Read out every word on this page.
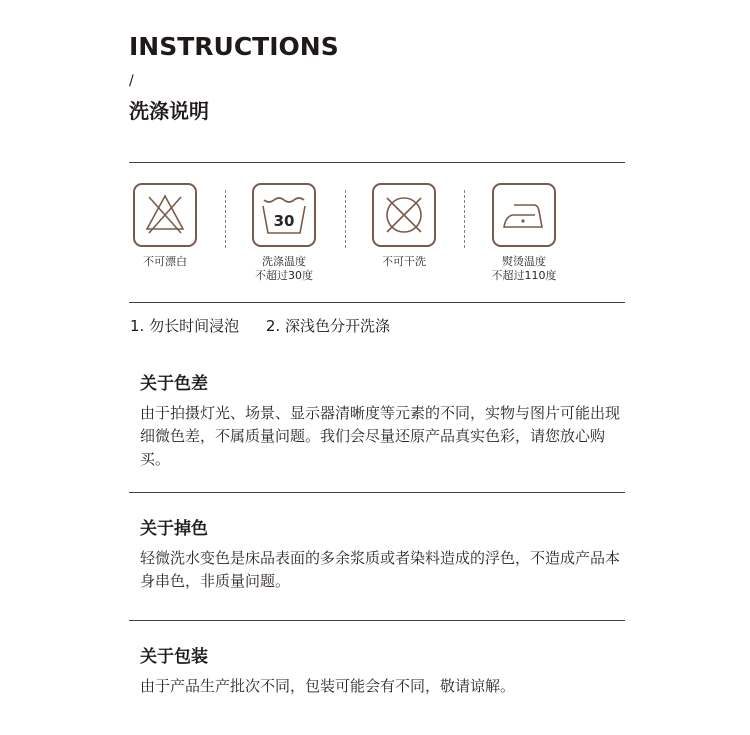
INSTRUCTIONS
/
洗涤说明
不可漂白
30
洗涤温度
不超过30度
不可干洗	熨烫温度
不超过110度
1. 勿长时间浸泡 2. 深浅色分开洗涤
关于色差

由于拍摄灯光、场景、显示器清晰度等元素的不同，实物与图片可能出现细微色差，不属质量问题。我们会尽量还原产品真实色彩，请您放心购买。

关于掉色

轻微洗水变色是床品表面的多余浆质或者染料造成的浮色，不造成产品本身串色，非质量问题。

关于包装

由于产品生产批次不同，包装可能会有不同，敬请谅解。
